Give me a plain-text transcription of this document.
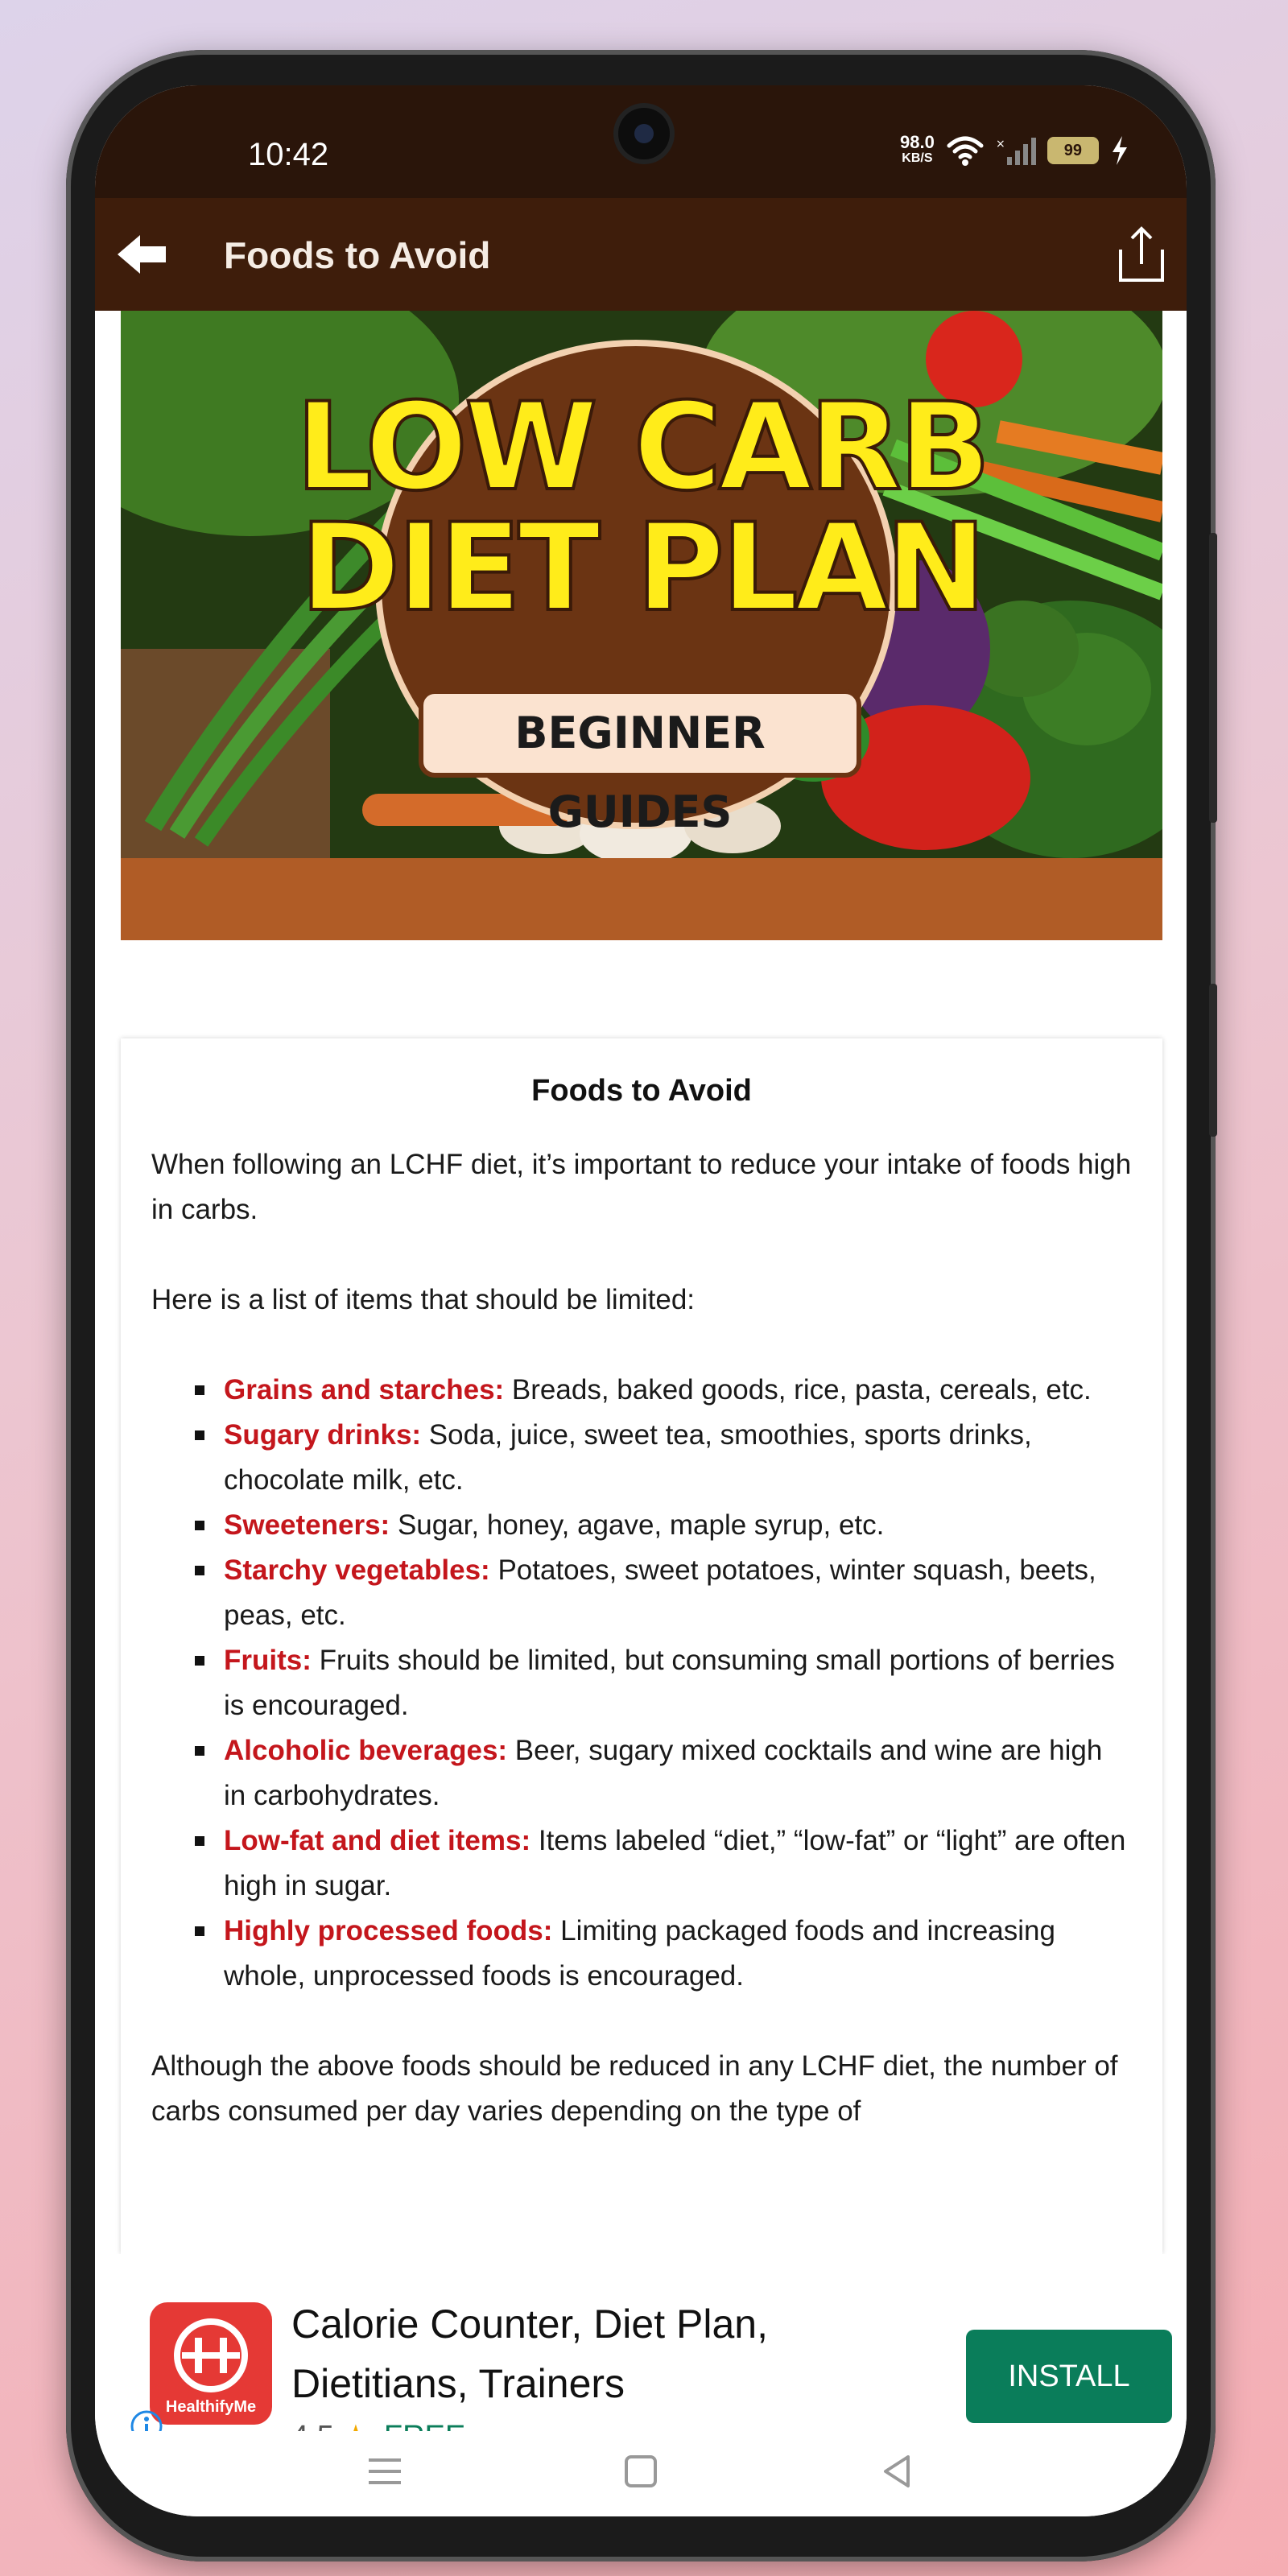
10:42	98.0
KB/S
×	99
Foods to Avoid
LOW CARB
DIET PLAN
BEGINNER GUIDES
Foods to Avoid

When following an LCHF diet, it’s important to reduce your intake of foods high in carbs.

Here is a list of items that should be limited:

Grains and starches: Breads, baked goods, rice, pasta, cereals, etc.
Sugary drinks: Soda, juice, sweet tea, smoothies, sports drinks, chocolate milk, etc.
Sweeteners: Sugar, honey, agave, maple syrup, etc.
Starchy vegetables: Potatoes, sweet potatoes, winter squash, beets, peas, etc.
Fruits: Fruits should be limited, but consuming small portions of berries is encouraged.
Alcoholic beverages: Beer, sugary mixed cocktails and wine are high in carbohydrates.
Low-fat and diet items: Items labeled “diet,” “low-fat” or “light” are often high in sugar.
Highly processed foods: Limiting packaged foods and increasing whole, unprocessed foods is encouraged.

Although the above foods should be reduced in any LCHF diet, the number of carbs consumed per day varies depending on the type of

HealthifyMe
Calorie Counter, Diet Plan, Dietitians, Trainers	INSTALL
